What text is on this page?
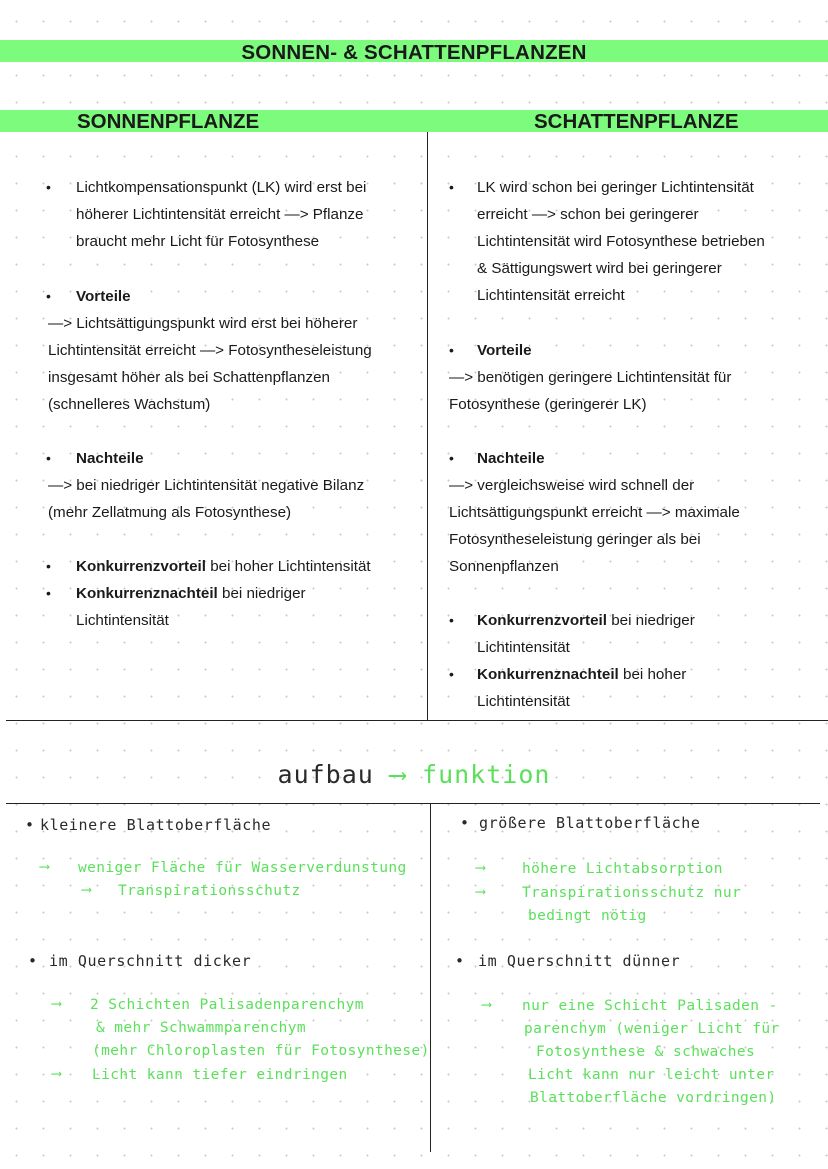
SONNEN- & SCHATTENPFLANZEN
SONNENPFLANZE	SCHATTENPFLANZE
• Lichtkompensationspunkt (LK) wird erst bei
höherer Lichtintensität erreicht —> Pflanze
braucht mehr Licht für Fotosynthese
• Vorteile
—> Lichtsättigungspunkt wird erst bei höherer
Lichtintensität erreicht —> Fotosyntheseleistung
insgesamt höher als bei Schattenpflanzen
(schnelleres Wachstum)
• Nachteile
—> bei niedriger Lichtintensität negative Bilanz
(mehr Zellatmung als Fotosynthese)
• Konkurrenzvorteil bei hoher Lichtintensität
• Konkurrenznachteil bei niedriger
Lichtintensität
• LK wird schon bei geringer Lichtintensität
erreicht —> schon bei geringerer
Lichtintensität wird Fotosynthese betrieben
& Sättigungswert wird bei geringerer
Lichtintensität erreicht
• Vorteile
—> benötigen geringere Lichtintensität für
Fotosynthese (geringerer LK)
• Nachteile
—> vergleichsweise wird schnell der
Lichtsättigungspunkt erreicht —> maximale
Fotosyntheseleistung geringer als bei
Sonnenpflanzen
• Konkurrenzvorteil bei niedriger
Lichtintensität
• Konkurrenznachteil bei hoher
Lichtintensität
aufbau ⟶ funktion
• kleinere Blattoberfläche
⟶ weniger Fläche für Wasserverdunstung
⟶ Transpirationsschutz
• im Querschnitt dicker
⟶ 2 Schichten Palisadenparenchym
& mehr Schwammparenchym
(mehr Chloroplasten für Fotosynthese)
⟶ Licht kann tiefer eindringen
• größere Blattoberfläche
⟶	höhere Lichtabsorption
⟶	Transpirationsschutz nur
bedingt nötig
• im Querschnitt dünner
⟶ nur eine Schicht Palisaden -
parenchym (weniger Licht für
Fotosynthese & schwaches
Licht kann nur leicht unter
Blattoberfläche vordringen)
